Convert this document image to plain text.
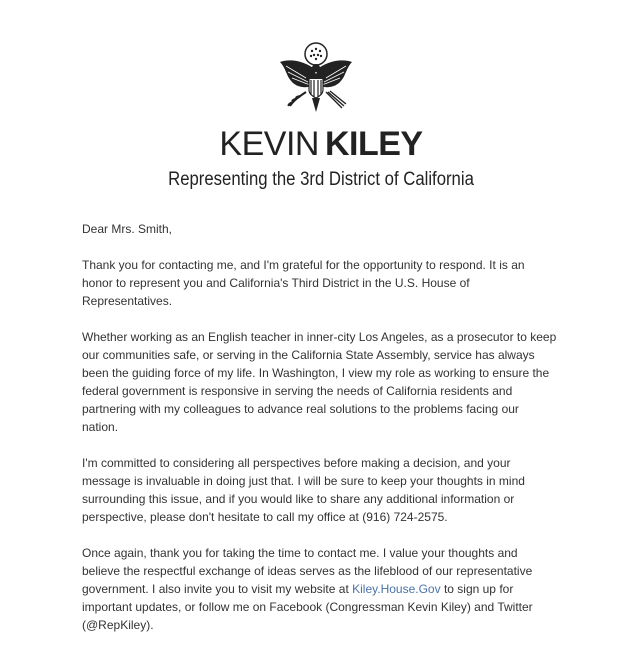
KEVIN KILEY
Representing the 3rd District of California

Dear Mrs. Smith,

Thank you for contacting me, and I'm grateful for the opportunity to respond. It is an honor to represent you and California's Third District in the U.S. House of Representatives.

Whether working as an English teacher in inner-city Los Angeles, as a prosecutor to keep our communities safe, or serving in the California State Assembly, service has always been the guiding force of my life. In Washington, I view my role as working to ensure the federal government is responsive in serving the needs of California residents and partnering with my colleagues to advance real solutions to the problems facing our nation.

I'm committed to considering all perspectives before making a decision, and your message is invaluable in doing just that. I will be sure to keep your thoughts in mind surrounding this issue, and if you would like to share any additional information or perspective, please don't hesitate to call my office at (916) 724-2575.

Once again, thank you for taking the time to contact me. I value your thoughts and believe the respectful exchange of ideas serves as the lifeblood of our representative government. I also invite you to visit my website at Kiley.House.Gov to sign up for important updates, or follow me on Facebook (Congressman Kevin Kiley) and Twitter (@RepKiley).
